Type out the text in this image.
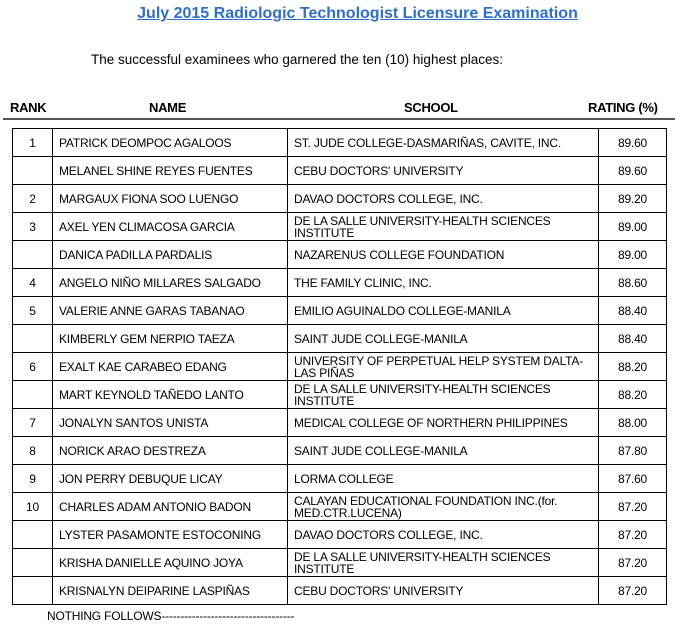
July 2015 Radiologic Technologist Licensure Examination
The successful examinees who garnered the ten (10) highest places:
RANK	NAME	SCHOOL	RATING (%)
1	PATRICK DEOMPOC AGALOOS	ST. JUDE COLLEGE-DASMARIÑAS, CAVITE, INC.	89.60
	MELANEL SHINE REYES FUENTES	CEBU DOCTORS' UNIVERSITY	89.60
2	MARGAUX FIONA SOO LUENGO	DAVAO DOCTORS COLLEGE, INC.	89.20
3	AXEL YEN CLIMACOSA GARCIA	DE LA SALLE UNIVERSITY-HEALTH SCIENCES INSTITUTE	89.00
	DANICA PADILLA PARDALIS	NAZARENUS COLLEGE FOUNDATION	89.00
4	ANGELO NIÑO MILLARES SALGADO	THE FAMILY CLINIC, INC.	88.60
5	VALERIE ANNE GARAS TABANAO	EMILIO AGUINALDO COLLEGE-MANILA	88.40
	KIMBERLY GEM NERPIO TAEZA	SAINT JUDE COLLEGE-MANILA	88.40
6	EXALT KAE CARABEO EDANG	UNIVERSITY OF PERPETUAL HELP SYSTEM DALTA-LAS PIÑAS	88.20
	MART KEYNOLD TAÑEDO LANTO	DE LA SALLE UNIVERSITY-HEALTH SCIENCES INSTITUTE	88.20
7	JONALYN SANTOS UNISTA	MEDICAL COLLEGE OF NORTHERN PHILIPPINES	88.00
8	NORICK ARAO DESTREZA	SAINT JUDE COLLEGE-MANILA	87.80
9	JON PERRY DEBUQUE LICAY	LORMA COLLEGE	87.60
10	CHARLES ADAM ANTONIO BADON	CALAYAN EDUCATIONAL FOUNDATION INC.(for. MED.CTR.LUCENA)	87.20
	LYSTER PASAMONTE ESTOCONING	DAVAO DOCTORS COLLEGE, INC.	87.20
	KRISHA DANIELLE AQUINO JOYA	DE LA SALLE UNIVERSITY-HEALTH SCIENCES INSTITUTE	87.20
	KRISNALYN DEIPARINE LASPIÑAS	CEBU DOCTORS' UNIVERSITY	87.20
NOTHING FOLLOWS-----------------------------------
